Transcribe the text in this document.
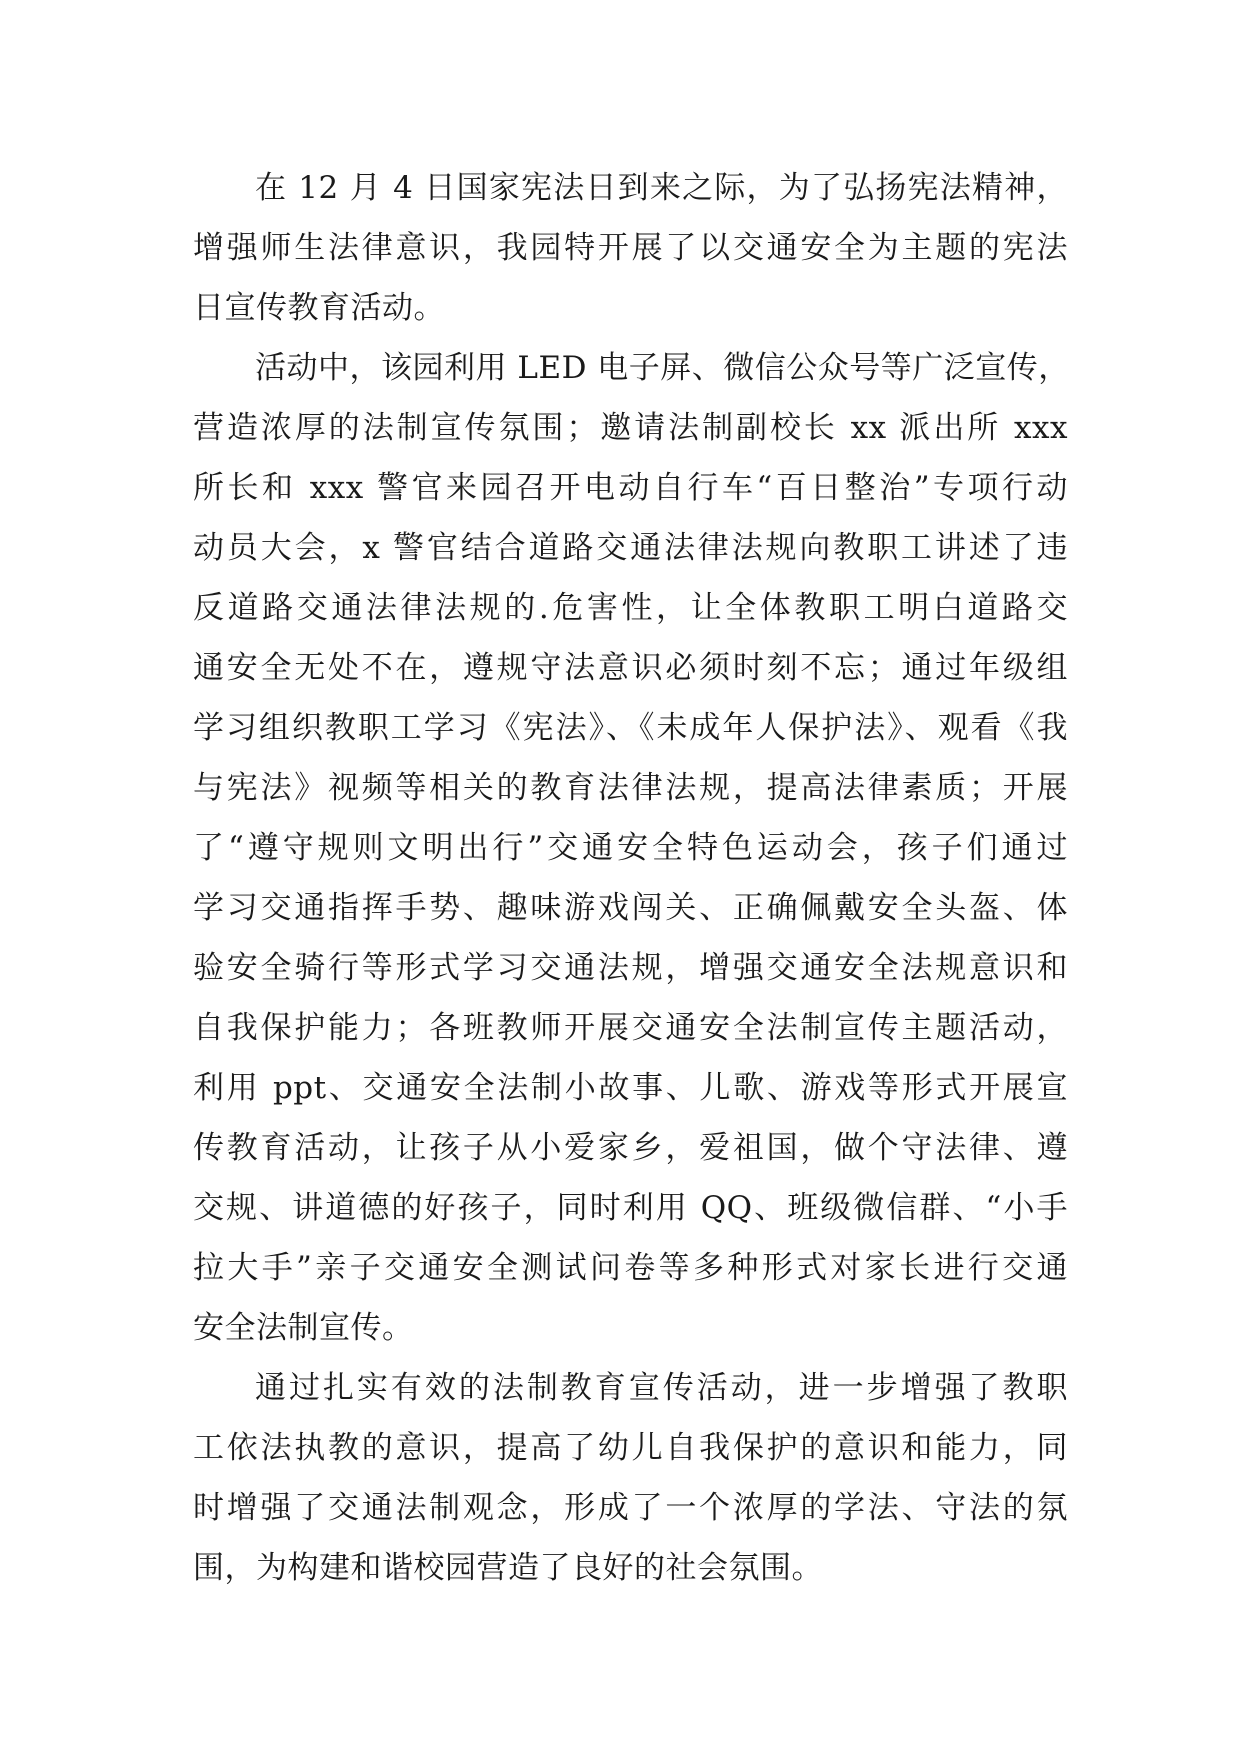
在 12 月 4 日国家宪法日到来之际，为了弘扬宪法精神，
增强师生法律意识，我园特开展了以交通安全为主题的宪法
日宣传教育活动。
活动中，该园利用 LED 电子屏、微信公众号等广泛宣传，
营造浓厚的法制宣传氛围；邀请法制副校长 xx 派出所 xxx
所长和 xxx 警官来园召开电动自行车“百日整治”专项行动
动员大会，x 警官结合道路交通法律法规向教职工讲述了违
反道路交通法律法规的.危害性，让全体教职工明白道路交
通安全无处不在，遵规守法意识必须时刻不忘；通过年级组
学习组织教职工学习《宪法》、《未成年人保护法》、观看《我
与宪法》视频等相关的教育法律法规，提高法律素质；开展
了“遵守规则文明出行”交通安全特色运动会，孩子们通过
学习交通指挥手势、趣味游戏闯关、正确佩戴安全头盔、体
验安全骑行等形式学习交通法规，增强交通安全法规意识和
自我保护能力；各班教师开展交通安全法制宣传主题活动，
利用 ppt、交通安全法制小故事、儿歌、游戏等形式开展宣
传教育活动，让孩子从小爱家乡，爱祖国，做个守法律、遵
交规、讲道德的好孩子，同时利用 QQ、班级微信群、“小手
拉大手”亲子交通安全测试问卷等多种形式对家长进行交通
安全法制宣传。
通过扎实有效的法制教育宣传活动，进一步增强了教职
工依法执教的意识，提高了幼儿自我保护的意识和能力，同
时增强了交通法制观念，形成了一个浓厚的学法、守法的氛
围，为构建和谐校园营造了良好的社会氛围。
